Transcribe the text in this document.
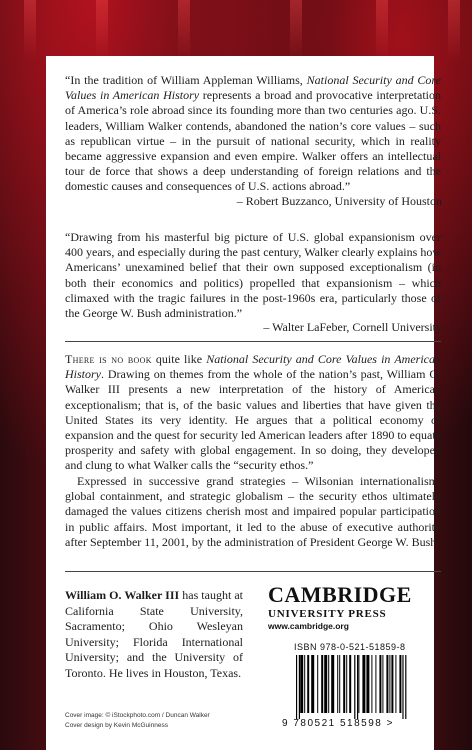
“In the tradition of William Appleman Williams, National Security and Core Values in American History represents a broad and provocative interpretation of America’s role abroad since its founding more than two centuries ago. U.S. leaders, William Walker contends, abandoned the nation’s core values – such as republican virtue – in the pursuit of national security, which in reality became aggressive expansion and even empire. Walker offers an intellectual tour de force that shows a deep understanding of foreign relations and the domestic causes and consequences of U.S. actions abroad.”
– Robert Buzzanco, University of Houston
“Drawing from his masterful big picture of U.S. global expansionism over 400 years, and especially during the past century, Walker clearly explains how Americans’ unexamined belief that their own supposed exceptionalism (in both their economics and politics) propelled that expansionism – which climaxed with the tragic failures in the post-1960s era, particularly those of the George W. Bush administration.”
– Walter LaFeber, Cornell University
There is no book quite like National Security and Core Values in American History. Drawing on themes from the whole of the nation’s past, William O. Walker III presents a new interpretation of the history of American exceptionalism; that is, of the basic values and liberties that have given the United States its very identity. He argues that a political economy of expansion and the quest for security led American leaders after 1890 to equate prosperity and safety with global engagement. In so doing, they developed and clung to what Walker calls the “security ethos.”
Expressed in successive grand strategies – Wilsonian internationalism, global containment, and strategic globalism – the security ethos ultimately damaged the values citizens cherish most and impaired popular participation in public affairs. Most important, it led to the abuse of executive authority after September 11, 2001, by the administration of President George W. Bush.
William O. Walker III has taught at California State University, Sacramento; Ohio Wesleyan University; Florida International University; and the University of Toronto. He lives in Houston, Texas.
Cover image: © iStockphoto.com / Duncan Walker
Cover design by Kevin McGuinness
CAMBRIDGE
UNIVERSITY PRESS
www.cambridge.org
ISBN 978-0-521-51859-8
9 780521 518598 >
